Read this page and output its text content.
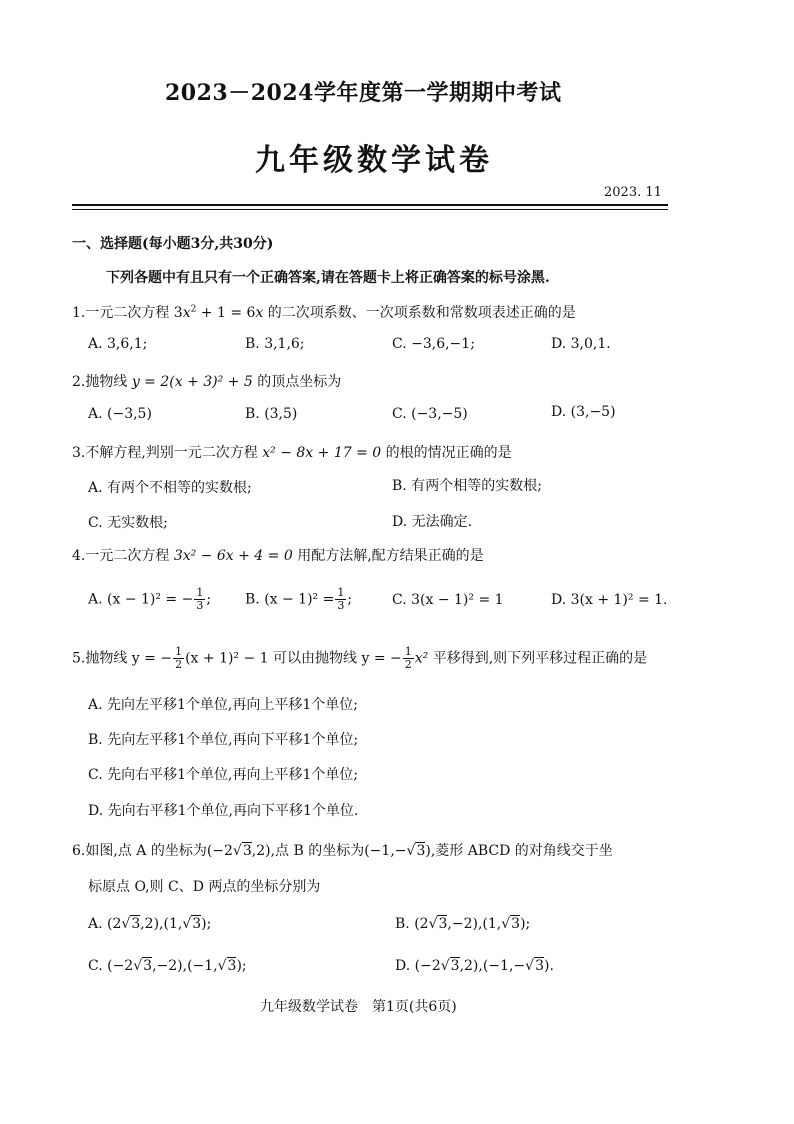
2023－2024学年度第一学期期中考试
九年级数学试卷
2023. 11
一、选择题(每小题3分,共30分)
下列各题中有且只有一个正确答案,请在答题卡上将正确答案的标号涂黑.
1.一元二次方程 $3x^2 + 1 = 6x$ 的二次项系数、一次项系数和常数项表述正确的是
A. 3,6,1;	B. 3,1,6;	C. −3,6,−1;	D. 3,0,1.
2.抛物线 y = 2(x + 3)² + 5 的顶点坐标为
A. (−3,5)	B. (3,5)	C. (−3,−5)	D. (3,−5)
3.不解方程,判别一元二次方程 x² − 8x + 17 = 0 的根的情况正确的是
A. 有两个不相等的实数根;	B. 有两个相等的实数根;
C. 无实数根;	D. 无法确定.
4.一元二次方程 3x² − 6x + 4 = 0 用配方法解,配方结果正确的是
A. (x − 1)² = − $\frac{1}{3}$ ; B. $(x - 1)^2 = \frac{1}{3}$ ;	C. 3(x − 1)² = 1	D. 3(x + 1)² = 1.
5.抛物线 y = − $\frac{1}{2} (x + 1)^2 - 1$ 可以由抛物线 y = − $\frac{1}{2} x^2$ 平移得到,则下列平移过程正确的是
A. 先向左平移1个单位,再向上平移1个单位;
B. 先向左平移1个单位,再向下平移1个单位;
C. 先向右平移1个单位,再向上平移1个单位;
D. 先向右平移1个单位,再向下平移1个单位.
6.如图,点 A 的坐标为(−2√3,2),点 B 的坐标为(−1,−√3),菱形 ABCD 的对角线交于坐
标原点 O,则 C、D 两点的坐标分别为
A. (2√3,2),(1,√3);	B. (2√3,−2),(1,√3);
C. (−2√3,−2),(−1,√3);	D. (−2√3,2),(−1,−√3).
九年级数学试卷　第1页(共6页)
